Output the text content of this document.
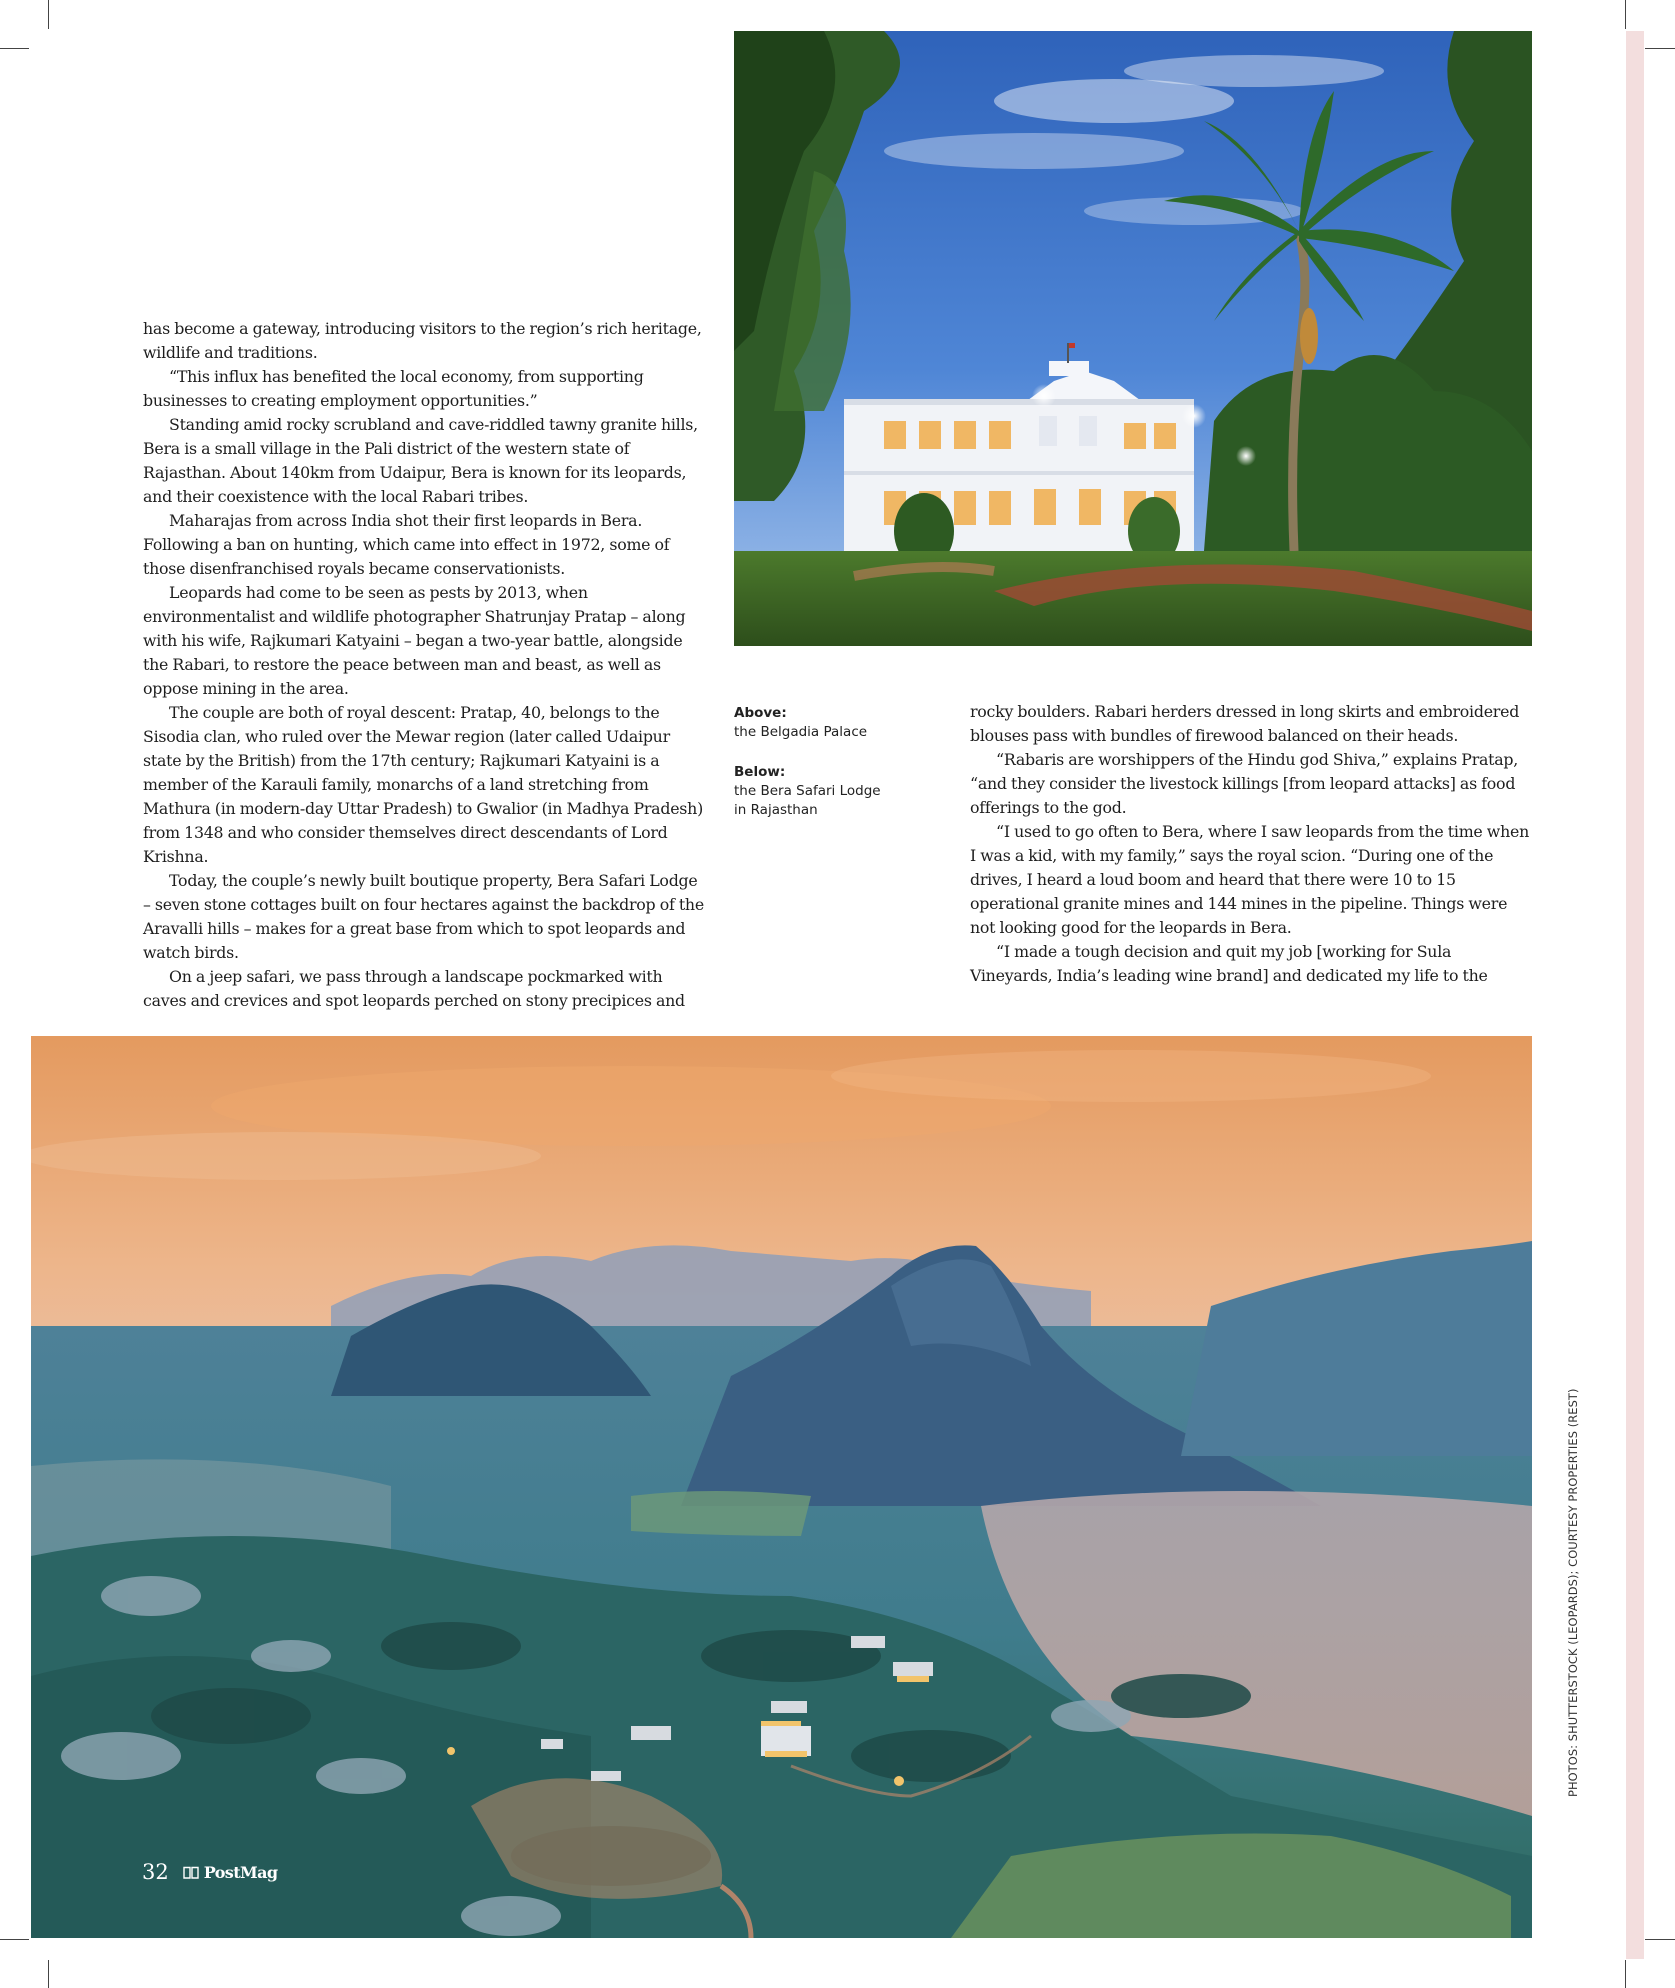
has become a gateway, introducing visitors to the region’s rich heritage, wildlife and traditions.

“This influx has benefited the local economy, from supporting businesses to creating employment opportunities.”

Standing amid rocky scrubland and cave-riddled tawny granite hills, Bera is a small village in the Pali district of the western state of Rajasthan. About 140km from Udaipur, Bera is known for its leopards, and their coexistence with the local Rabari tribes.

Maharajas from across India shot their first leopards in Bera. Following a ban on hunting, which came into effect in 1972, some of those disenfranchised royals became conservationists.

Leopards had come to be seen as pests by 2013, when environmentalist and wildlife photographer Shatrunjay Pratap – along with his wife, Rajkumari Katyaini – began a two-year battle, alongside the Rabari, to restore the peace between man and beast, as well as oppose mining in the area.

The couple are both of royal descent: Pratap, 40, belongs to the Sisodia clan, who ruled over the Mewar region (later called Udaipur state by the British) from the 17th century; Rajkumari Katyaini is a member of the Karauli family, monarchs of a land stretching from Mathura (in modern-day Uttar Pradesh) to Gwalior (in Madhya Pradesh) from 1348 and who consider themselves direct descendants of Lord Krishna.

Today, the couple’s newly built boutique property, Bera Safari Lodge – seven stone cottages built on four hectares against the backdrop of the Aravalli hills – makes for a great base from which to spot leopards and watch birds.

On a jeep safari, we pass through a landscape pockmarked with caves and crevices and spot leopards perched on stony precipices and

Above:
the Belgadia Palace
Below:
the Bera Safari Lodge in Rajasthan

rocky boulders. Rabari herders dressed in long skirts and embroidered blouses pass with bundles of firewood balanced on their heads.

“Rabaris are worshippers of the Hindu god Shiva,” explains Pratap, “and they consider the livestock killings [from leopard attacks] as food offerings to the god.

“I used to go often to Bera, where I saw leopards from the time when I was a kid, with my family,” says the royal scion. “During one of the drives, I heard a loud boom and heard that there were 10 to 15 operational granite mines and 144 mines in the pipeline. Things were not looking good for the leopards in Bera.

“I made a tough decision and quit my job [working for Sula Vineyards, India’s leading wine brand] and dedicated my life to the

32 PostMag
PHOTOS: SHUTTERSTOCK (LEOPARDS); COURTESY PROPERTIES (REST)
